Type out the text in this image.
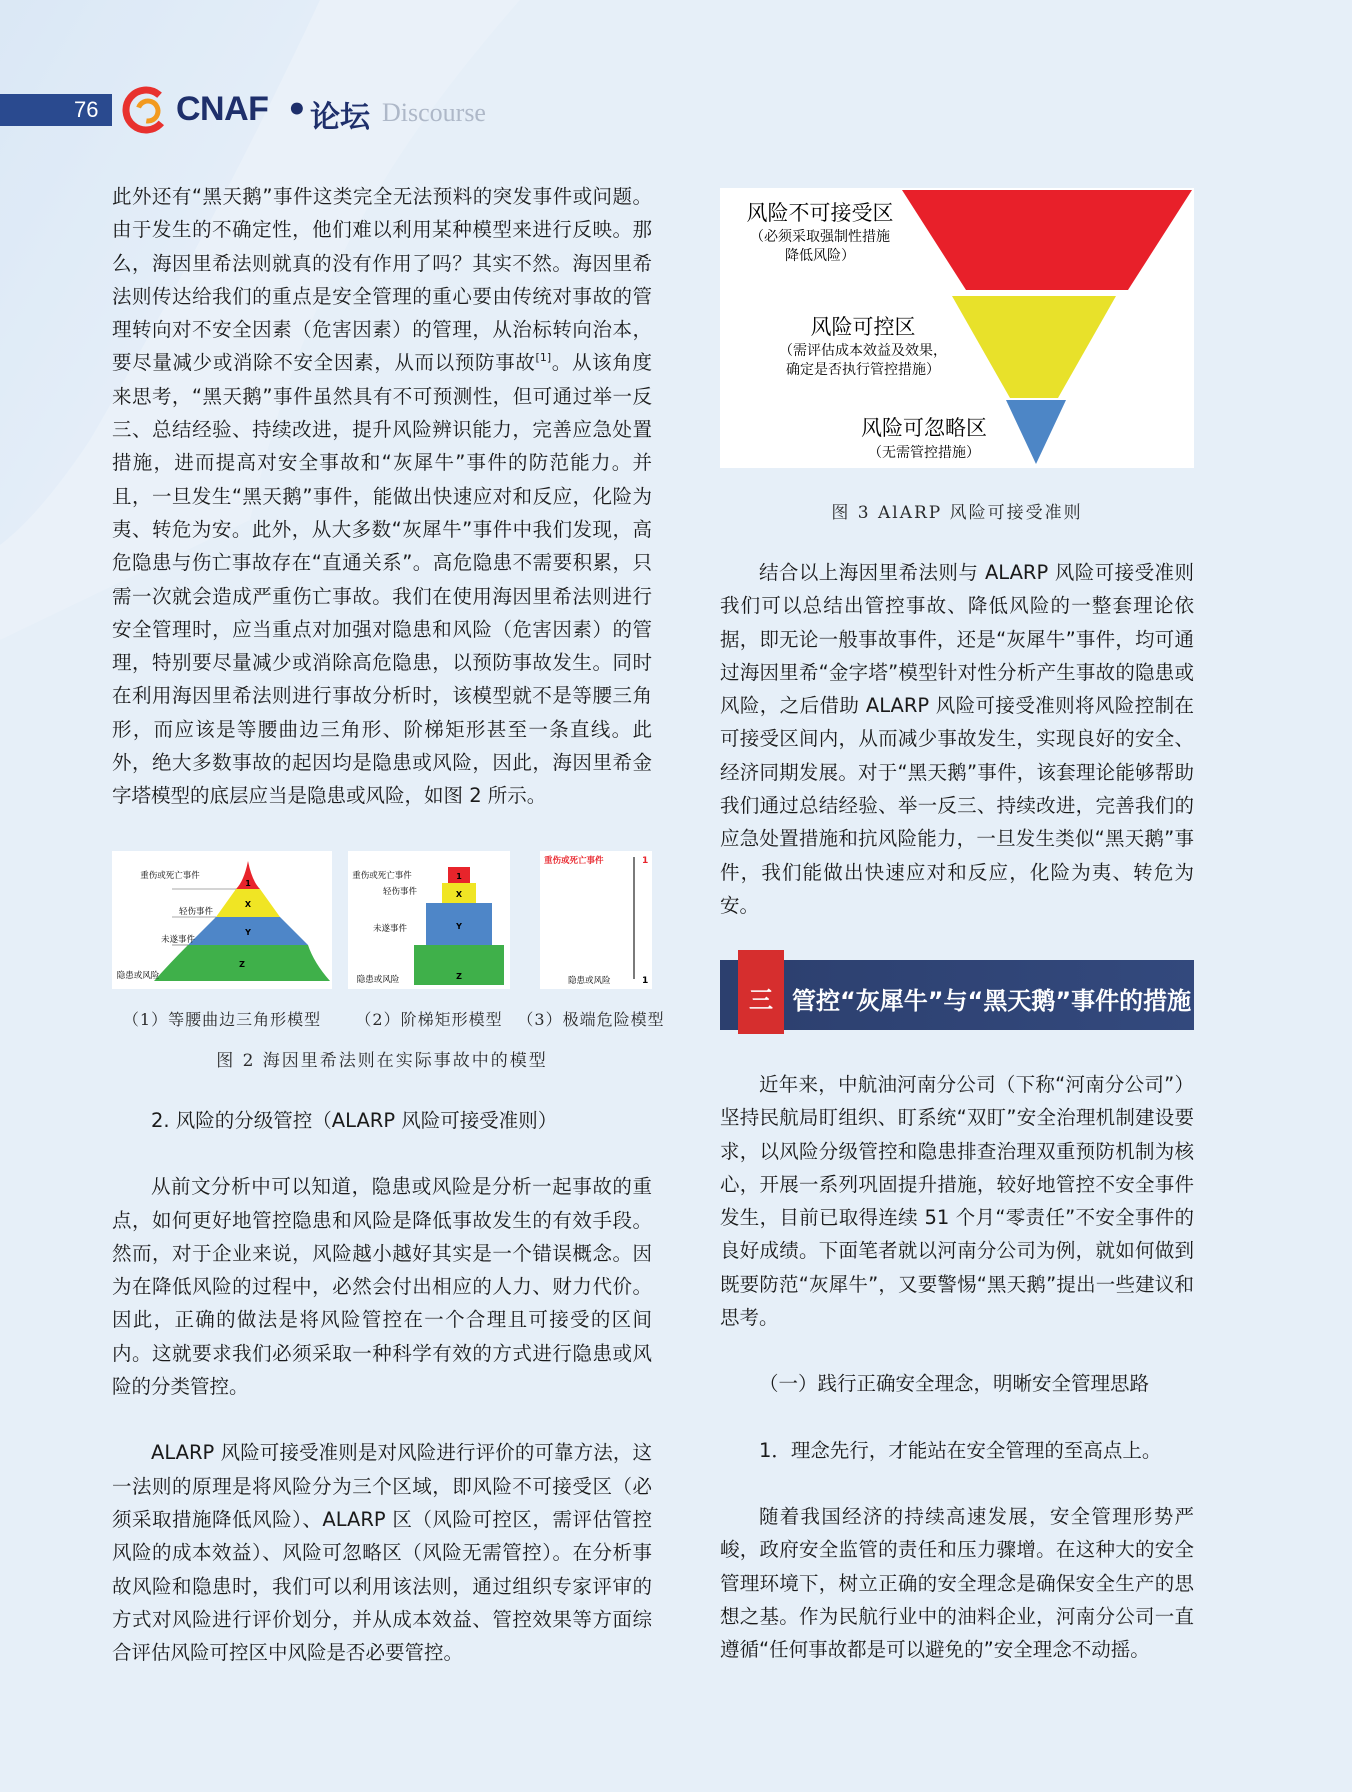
76 CNAF • 论坛 Discourse

此外还有“黑天鹅”事件这类完全无法预料的突发事件或问题。由于发生的不确定性，他们难以利用某种模型来进行反映。那么，海因里希法则就真的没有作用了吗？其实不然。海因里希法则传达给我们的重点是安全管理的重心要由传统对事故的管理转向对不安全因素（危害因素）的管理，从治标转向治本，要尽量减少或消除不安全因素，从而以预防事故[1]。从该角度来思考，“黑天鹅”事件虽然具有不可预测性，但可通过举一反三、总结经验、持续改进，提升风险辨识能力，完善应急处置措施，进而提高对安全事故和“灰犀牛”事件的防范能力。并且，一旦发生“黑天鹅”事件，能做出快速应对和反应，化险为夷、转危为安。此外，从大多数“灰犀牛”事件中我们发现，高危隐患与伤亡事故存在“直通关系”。高危隐患不需要积累，只需一次就会造成严重伤亡事故。我们在使用海因里希法则进行安全管理时，应当重点对加强对隐患和风险（危害因素）的管理，特别要尽量减少或消除高危隐患，以预防事故发生。同时在利用海因里希法则进行事故分析时，该模型就不是等腰三角形，而应该是等腰曲边三角形、阶梯矩形甚至一条直线。此外，绝大多数事故的起因均是隐患或风险，因此，海因里希金字塔模型的底层应当是隐患或风险，如图 2 所示。

重伤或死亡事件
轻伤事件
未遂事件
隐患或风险
1
X
Y
Z
重伤或死亡事件
轻伤事件
未遂事件
隐患或风险
1
X
Y
Z
重伤或死亡事件	1
隐患或风险	1
（1）等腰曲边三角形模型	（2）阶梯矩形模型 （3）极端危险模型
图 2 海因里希法则在实际事故中的模型

2. 风险的分级管控（ALARP 风险可接受准则）

从前文分析中可以知道，隐患或风险是分析一起事故的重点，如何更好地管控隐患和风险是降低事故发生的有效手段。然而，对于企业来说，风险越小越好其实是一个错误概念。因为在降低风险的过程中，必然会付出相应的人力、财力代价。因此，正确的做法是将风险管控在一个合理且可接受的区间内。这就要求我们必须采取一种科学有效的方式进行隐患或风险的分类管控。

ALARP 风险可接受准则是对风险进行评价的可靠方法，这一法则的原理是将风险分为三个区域，即风险不可接受区（必须采取措施降低风险）、ALARP 区（风险可控区，需评估管控风险的成本效益）、风险可忽略区（风险无需管控）。在分析事故风险和隐患时，我们可以利用该法则，通过组织专家评审的方式对风险进行评价划分，并从成本效益、管控效果等方面综合评估风险可控区中风险是否必要管控。

风险不可接受区
（必须采取强制性措施
降低风险）
风险可控区
（需评估成本效益及效果，
确定是否执行管控措施）
风险可忽略区
（无需管控措施）
图 3 AlARP 风险可接受准则

结合以上海因里希法则与 ALARP 风险可接受准则我们可以总结出管控事故、降低风险的一整套理论依据，即无论一般事故事件，还是“灰犀牛”事件，均可通过海因里希“金字塔”模型针对性分析产生事故的隐患或风险，之后借助 ALARP 风险可接受准则将风险控制在可接受区间内，从而减少事故发生，实现良好的安全、经济同期发展。对于“黑天鹅”事件，该套理论能够帮助我们通过总结经验、举一反三、持续改进，完善我们的应急处置措施和抗风险能力，一旦发生类似“黑天鹅”事件，我们能做出快速应对和反应，化险为夷、转危为安。

三 管控“灰犀牛”与“黑天鹅”事件的措施

近年来，中航油河南分公司（下称“河南分公司”）坚持民航局盯组织、盯系统“双盯”安全治理机制建设要求，以风险分级管控和隐患排查治理双重预防机制为核心，开展一系列巩固提升措施，较好地管控不安全事件发生，目前已取得连续 51 个月“零责任”不安全事件的良好成绩。下面笔者就以河南分公司为例，就如何做到既要防范“灰犀牛”，又要警惕“黑天鹅”提出一些建议和思考。

（一）践行正确安全理念，明晰安全管理思路

1．理念先行，才能站在安全管理的至高点上。

随着我国经济的持续高速发展，安全管理形势严峻，政府安全监管的责任和压力骤增。在这种大的安全管理环境下，树立正确的安全理念是确保安全生产的思想之基。作为民航行业中的油料企业，河南分公司一直遵循“任何事故都是可以避免的”安全理念不动摇。
